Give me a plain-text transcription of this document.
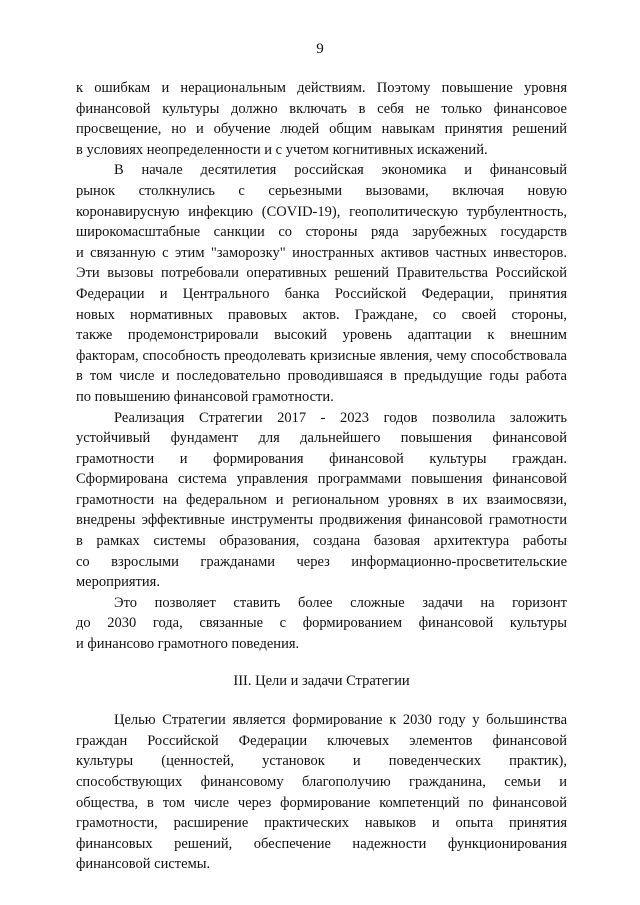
9
к ошибкам и нерациональным действиям. Поэтому повышение уровня
финансовой культуры должно включать в себя не только финансовое
просвещение, но и обучение людей общим навыкам принятия решений
в условиях неопределенности и с учетом когнитивных искажений.
В начале десятилетия российская экономика и финансовый
рынок столкнулись с серьезными вызовами, включая новую
коронавирусную инфекцию (COVID-19), геополитическую турбулентность,
широкомасштабные санкции со стороны ряда зарубежных государств
и связанную с этим "заморозку" иностранных активов частных инвесторов.
Эти вызовы потребовали оперативных решений Правительства Российской
Федерации и Центрального банка Российской Федерации, принятия
новых нормативных правовых актов. Граждане, со своей стороны,
также продемонстрировали высокий уровень адаптации к внешним
факторам, способность преодолевать кризисные явления, чему способствовала
в том числе и последовательно проводившаяся в предыдущие годы работа
по повышению финансовой грамотности.
Реализация Стратегии 2017 - 2023 годов позволила заложить
устойчивый фундамент для дальнейшего повышения финансовой
грамотности и формирования финансовой культуры граждан.
Сформирована система управления программами повышения финансовой
грамотности на федеральном и региональном уровнях в их взаимосвязи,
внедрены эффективные инструменты продвижения финансовой грамотности
в рамках системы образования, создана базовая архитектура работы
со взрослыми гражданами через информационно-просветительские
мероприятия.
Это позволяет ставить более сложные задачи на горизонт
до 2030 года, связанные с формированием финансовой культуры
и финансово грамотного поведения.
III. Цели и задачи Стратегии
Целью Стратегии является формирование к 2030 году у большинства
граждан Российской Федерации ключевых элементов финансовой
культуры (ценностей, установок и поведенческих практик),
способствующих финансовому благополучию гражданина, семьи и
общества, в том числе через формирование компетенций по финансовой
грамотности, расширение практических навыков и опыта принятия
финансовых решений, обеспечение надежности функционирования
финансовой системы.
